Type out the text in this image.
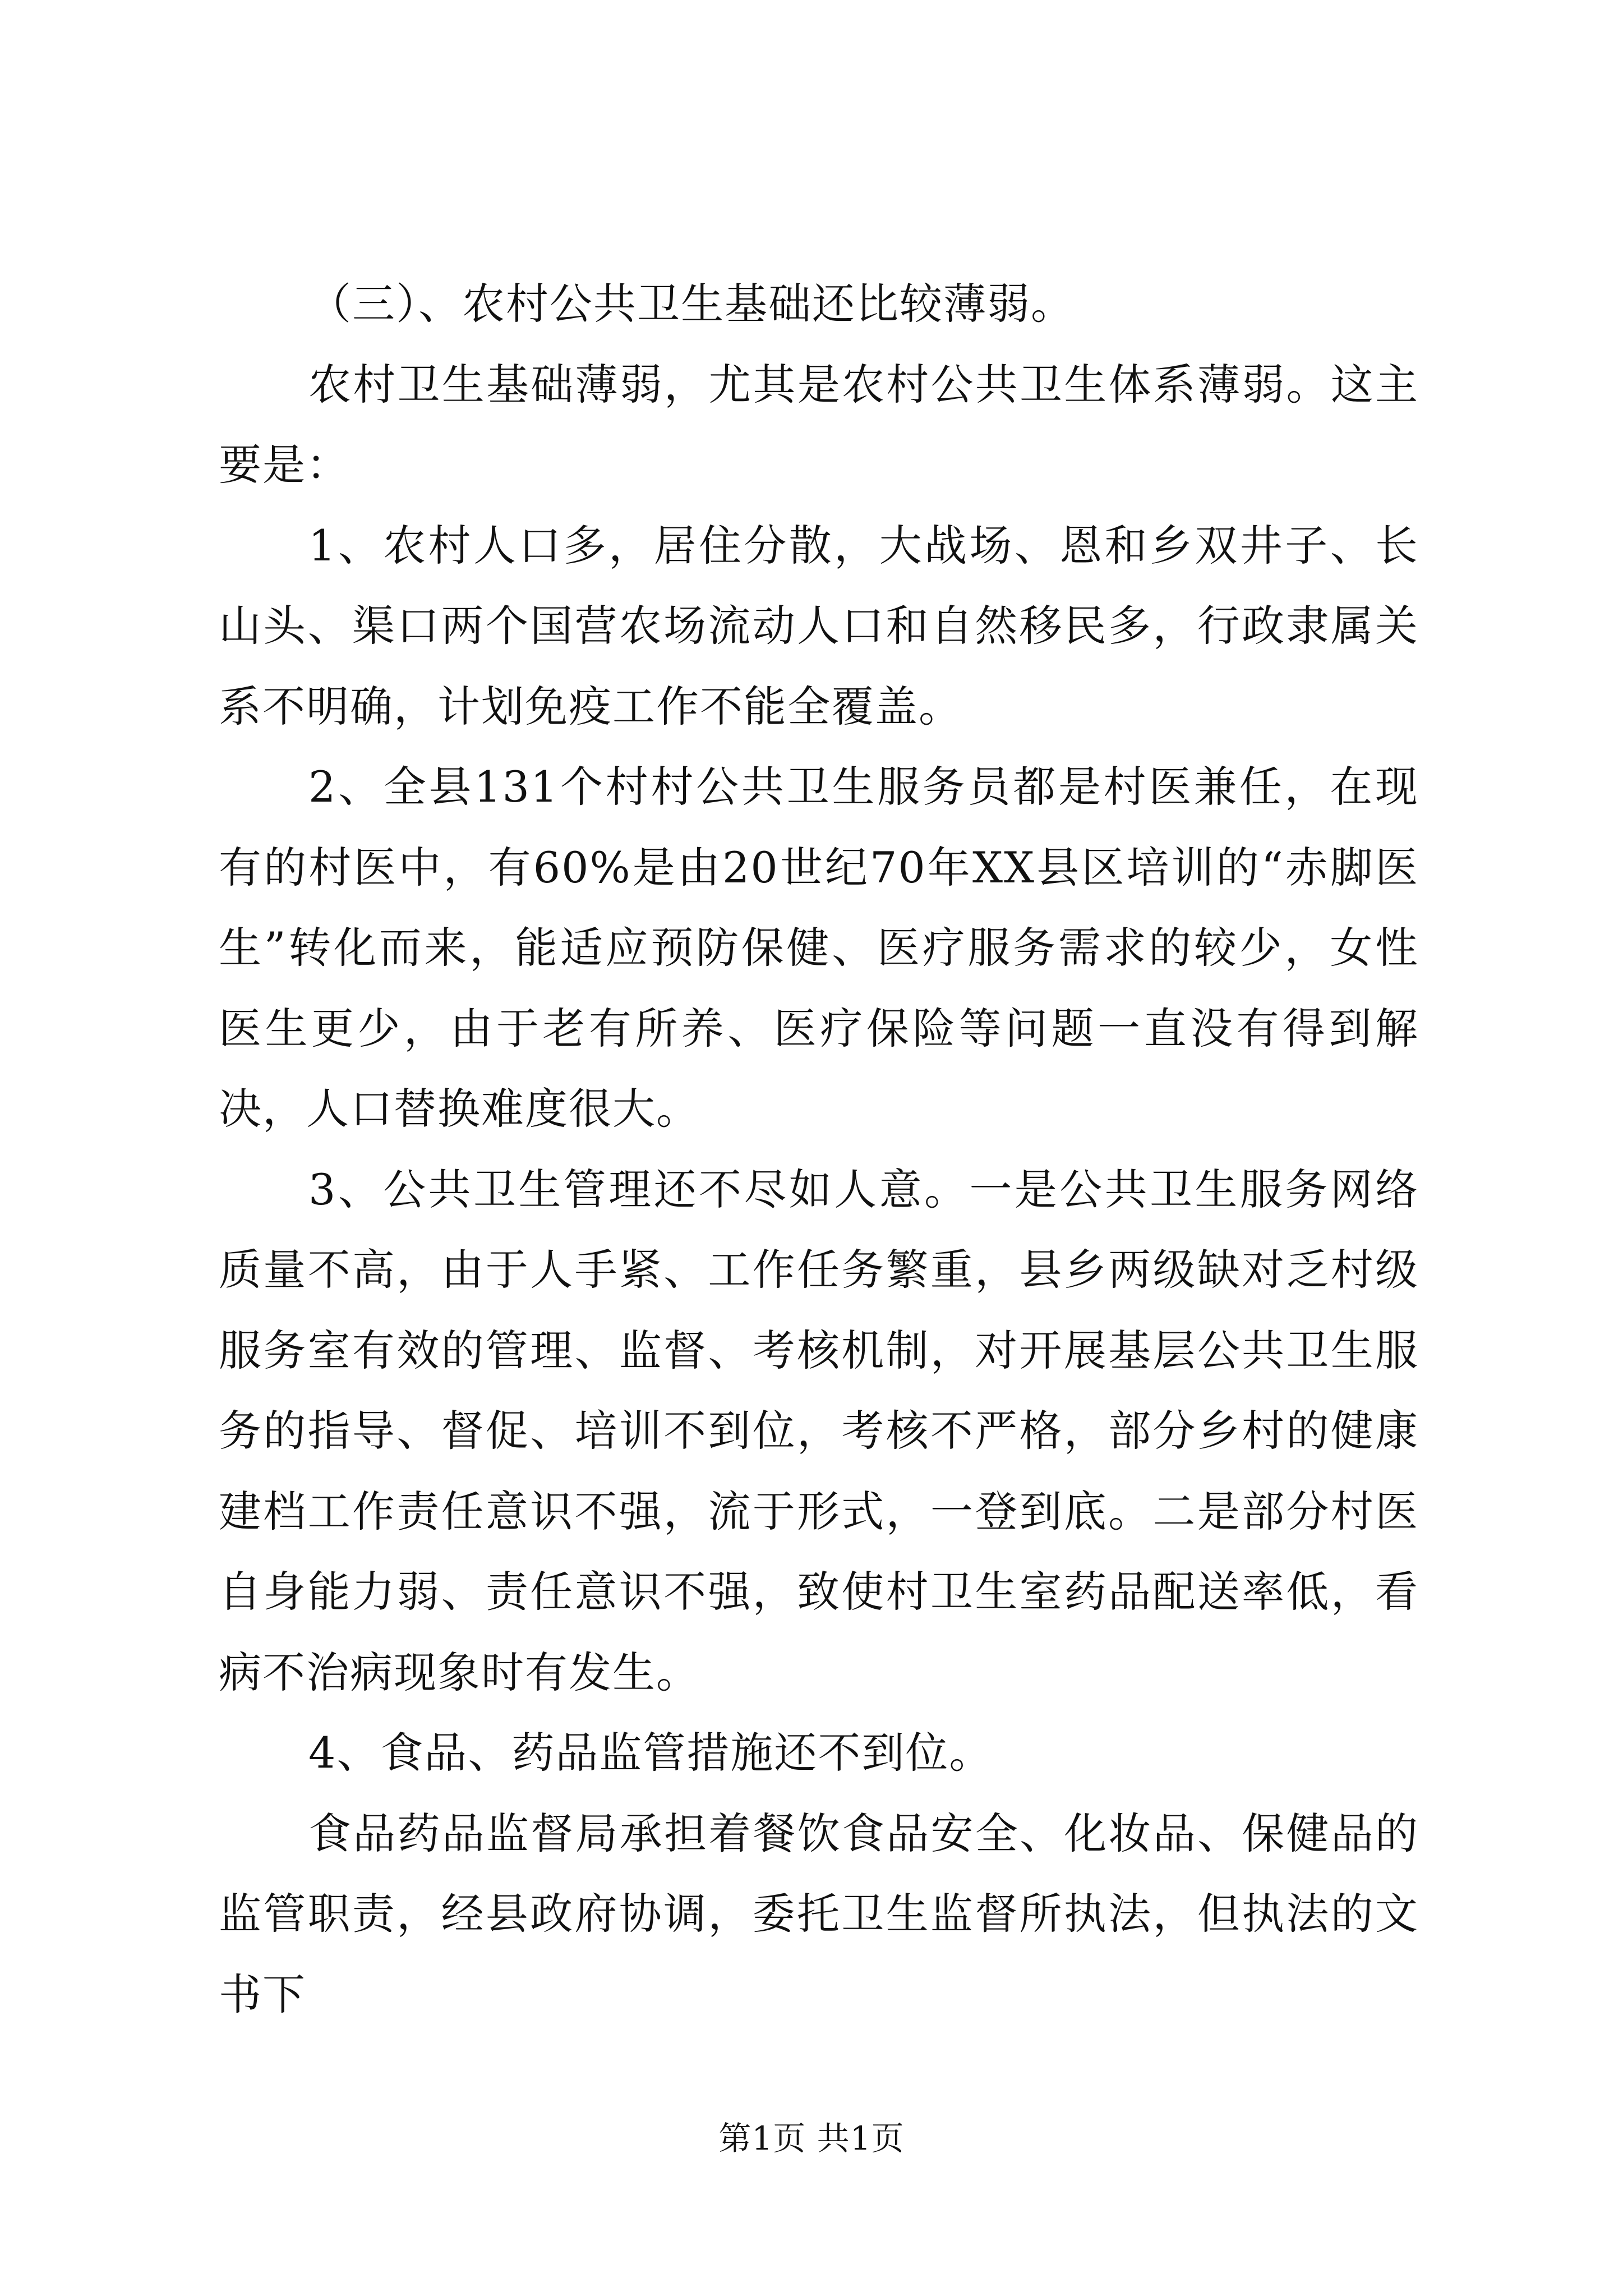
（三）、农村公共卫生基础还比较薄弱。

农村卫生基础薄弱，尤其是农村公共卫生体系薄弱。这主要是：

1、农村人口多，居住分散，大战场、恩和乡双井子、长山头、渠口两个国营农场流动人口和自然移民多，行政隶属关系不明确，计划免疫工作不能全覆盖。

2、全县131个村村公共卫生服务员都是村医兼任，在现有的村医中，有60%是由20世纪70年XX县区培训的“赤脚医生”转化而来，能适应预防保健、医疗服务需求的较少，女性医生更少，由于老有所养、医疗保险等问题一直没有得到解决，人口替换难度很大。

3、公共卫生管理还不尽如人意。一是公共卫生服务网络质量不高，由于人手紧、工作任务繁重，县乡两级缺对乏村级服务室有效的管理、监督、考核机制，对开展基层公共卫生服务的指导、督促、培训不到位，考核不严格，部分乡村的健康建档工作责任意识不强，流于形式，一登到底。二是部分村医自身能力弱、责任意识不强，致使村卫生室药品配送率低，看病不治病现象时有发生。

4、食品、药品监管措施还不到位。

食品药品监督局承担着餐饮食品安全、化妆品、保健品的监管职责，经县政府协调，委托卫生监督所执法，但执法的文书下

第1页 共1页
